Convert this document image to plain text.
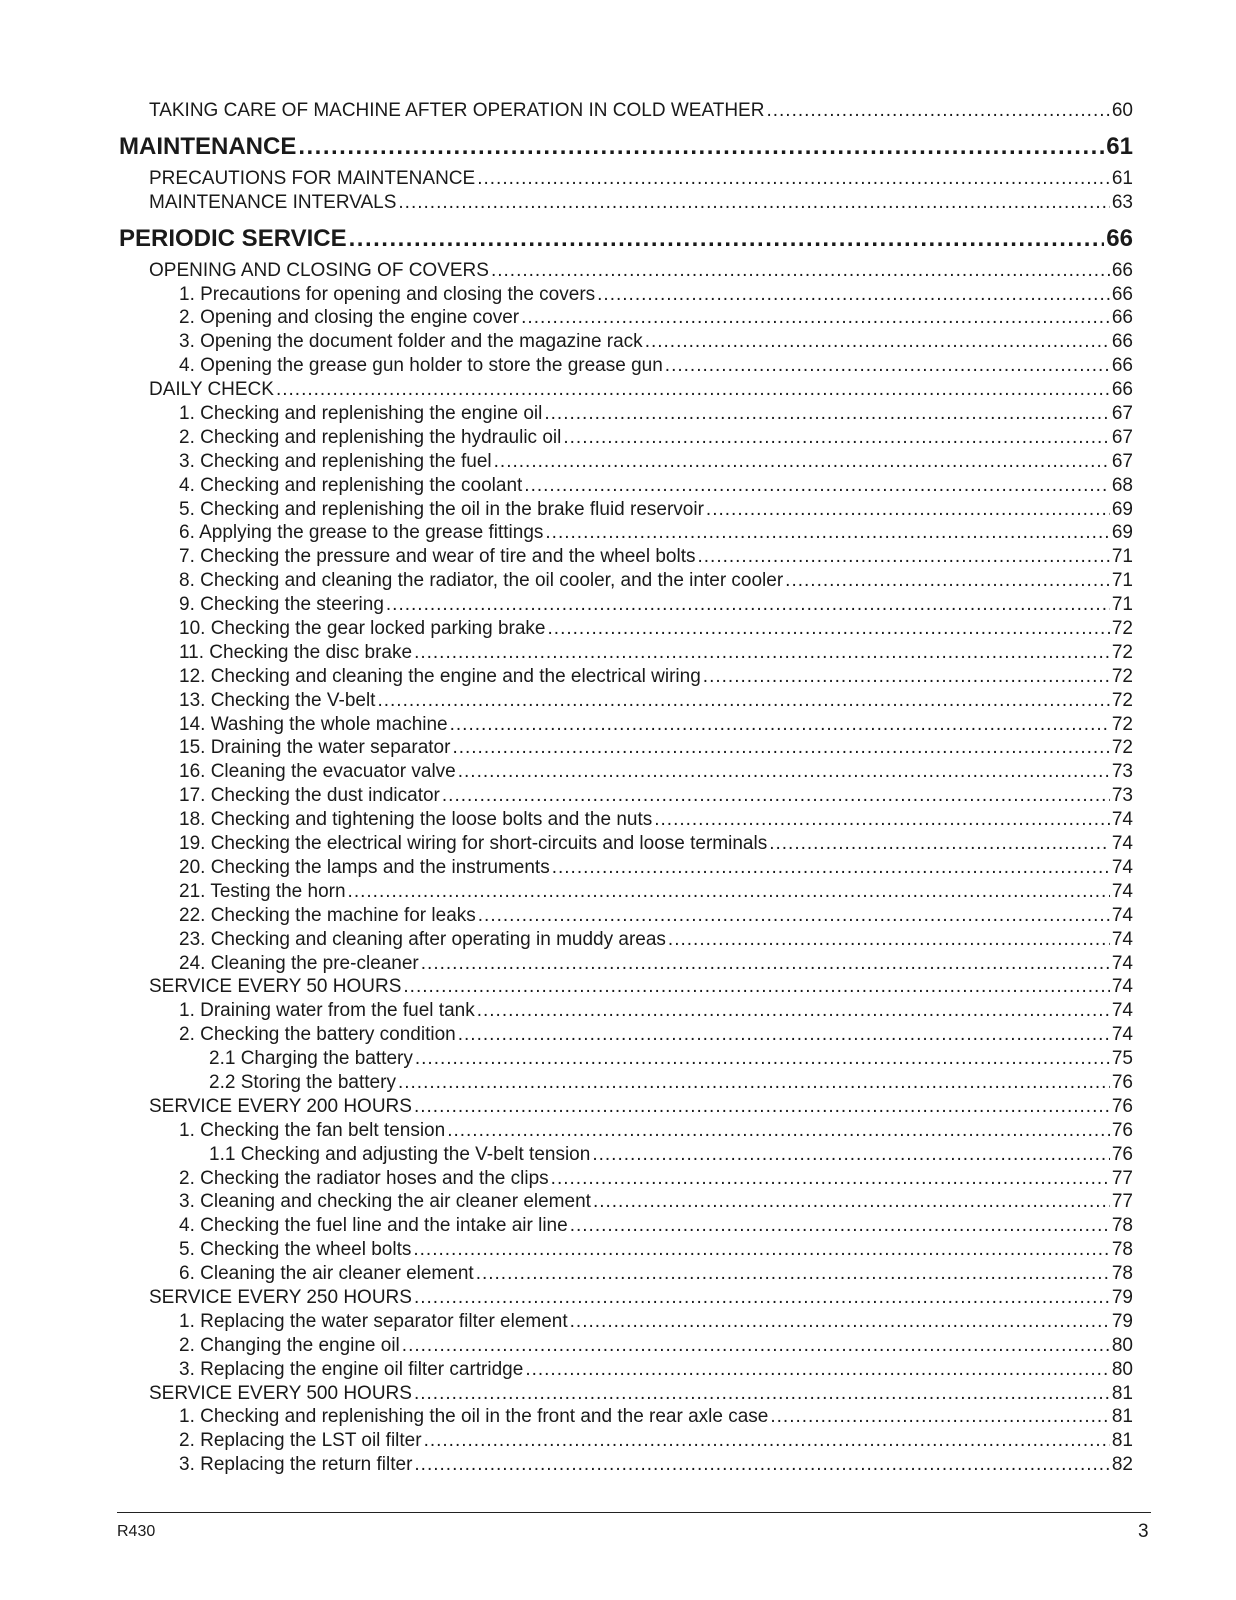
TAKING CARE OF MACHINE AFTER OPERATION IN COLD WEATHER .....	60
MAINTENANCE .....	61
PRECAUTIONS FOR MAINTENANCE .....	61
MAINTENANCE INTERVALS .....	63
PERIODIC SERVICE .....	66
OPENING AND CLOSING OF COVERS .....	66
1. Precautions for opening and closing the covers .....	66
2. Opening and closing the engine cover .....	66
3. Opening the document folder and the magazine rack .....	66
4. Opening the grease gun holder to store the grease gun .....	66
DAILY CHECK .....	66
1. Checking and replenishing the engine oil .....	67
2. Checking and replenishing the hydraulic oil .....	67
3. Checking and replenishing the fuel .....	67
4. Checking and replenishing the coolant .....	68
5. Checking and replenishing the oil in the brake fluid reservoir .....	69
6. Applying the grease to the grease fittings .....	69
7. Checking the pressure and wear of tire and the wheel bolts .....	71
8. Checking and cleaning the radiator, the oil cooler, and the inter cooler .....	71
9. Checking the steering .....	71
10. Checking the gear locked parking brake .....	72
11. Checking the disc brake .....	72
12. Checking and cleaning the engine and the electrical wiring .....	72
13. Checking the V-belt .....	72
14. Washing the whole machine .....	72
15. Draining the water separator .....	72
16. Cleaning the evacuator valve .....	73
17. Checking the dust indicator .....	73
18. Checking and tightening the loose bolts and the nuts .....	74
19. Checking the electrical wiring for short-circuits and loose terminals .....	74
20. Checking the lamps and the instruments .....	74
21. Testing the horn .....	74
22. Checking the machine for leaks .....	74
23. Checking and cleaning after operating in muddy areas .....	74
24. Cleaning the pre-cleaner .....	74
SERVICE EVERY 50 HOURS .....	74
1. Draining water from the fuel tank .....	74
2. Checking the battery condition .....	74
2.1 Charging the battery .....	75
2.2 Storing the battery .....	76
SERVICE EVERY 200 HOURS .....	76
1. Checking the fan belt tension .....	76
1.1 Checking and adjusting the V-belt tension .....	76
2. Checking the radiator hoses and the clips .....	77
3. Cleaning and checking the air cleaner element .....	77
4. Checking the fuel line and the intake air line .....	78
5. Checking the wheel bolts .....	78
6. Cleaning the air cleaner element .....	78
SERVICE EVERY 250 HOURS .....	79
1. Replacing the water separator filter element .....	79
2. Changing the engine oil .....	80
3. Replacing the engine oil filter cartridge .....	80
SERVICE EVERY 500 HOURS .....	81
1. Checking and replenishing the oil in the front and the rear axle case .....	81
2. Replacing the LST oil filter .....	81
3. Replacing the return filter .....	82
R430	3
